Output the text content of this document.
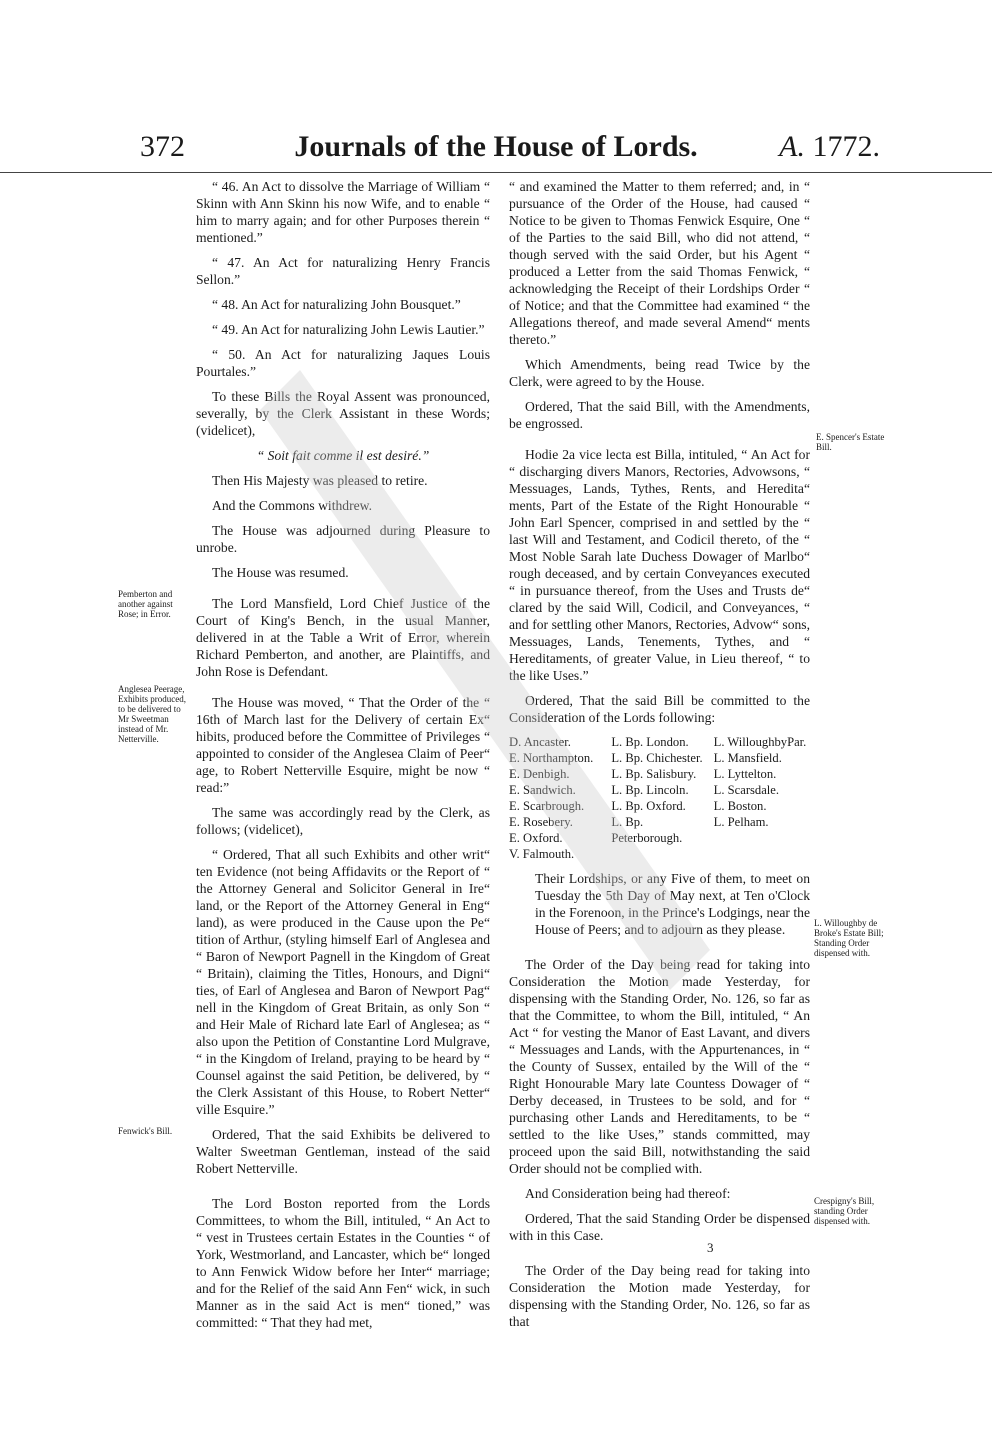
372	Journals of the House of Lords.	A. 1772.

“ 46. An Act to dissolve the Marriage of William “ Skinn with Ann Skinn his now Wife, and to enable “ him to marry again; and for other Purposes therein “ mentioned.”

“ 47. An Act for naturalizing Henry Francis Sellon.”

“ 48. An Act for naturalizing John Bousquet.”

“ 49. An Act for naturalizing John Lewis Lautier.”

“ 50. An Act for naturalizing Jaques Louis Pourtales.”

To these Bills the Royal Assent was pronounced, severally, by the Clerk Assistant in these Words; (videlicet),

“ Soit fait comme il est desiré.”

Then His Majesty was pleased to retire.

And the Commons withdrew.

The House was adjourned during Pleasure to unrobe.

The House was resumed.

The Lord Mansfield, Lord Chief Justice of the Court of King's Bench, in the usual Manner, delivered in at the Table a Writ of Error, wherein Richard Pemberton, and another, are Plaintiffs, and John Rose is Defendant.

The House was moved, “ That the Order of the “ 16th of March last for the Delivery of certain Ex“ hibits, produced before the Committee of Privileges “ appointed to consider of the Anglesea Claim of Peer“ age, to Robert Netterville Esquire, might be now “ read:”

The same was accordingly read by the Clerk, as follows; (videlicet),

“ Ordered, That all such Exhibits and other writ“ ten Evidence (not being Affidavits or the Report of “ the Attorney General and Solicitor General in Ire“ land, or the Report of the Attorney General in Eng“ land), as were produced in the Cause upon the Pe“ tition of Arthur, (styling himself Earl of Anglesea and “ Baron of Newport Pagnell in the Kingdom of Great “ Britain), claiming the Titles, Honours, and Digni“ ties, of Earl of Anglesea and Baron of Newport Pag“ nell in the Kingdom of Great Britain, as only Son “ and Heir Male of Richard late Earl of Anglesea; as “ also upon the Petition of Constantine Lord Mulgrave, “ in the Kingdom of Ireland, praying to be heard by “ Counsel against the said Petition, be delivered, by “ the Clerk Assistant of this House, to Robert Netter“ ville Esquire.”

Ordered, That the said Exhibits be delivered to Walter Sweetman Gentleman, instead of the said Robert Netterville.

The Lord Boston reported from the Lords Committees, to whom the Bill, intituled, “ An Act to “ vest in Trustees certain Estates in the Counties “ of York, Westmorland, and Lancaster, which be“ longed to Ann Fenwick Widow before her Inter“ marriage; and for the Relief of the said Ann Fen“ wick, in such Manner as in the said Act is men“ tioned,” was committed: “ That they had met,

“ and examined the Matter to them referred; and, in “ pursuance of the Order of the House, had caused “ Notice to be given to Thomas Fenwick Esquire, One “ of the Parties to the said Bill, who did not attend, “ though served with the said Order, but his Agent “ produced a Letter from the said Thomas Fenwick, “ acknowledging the Receipt of their Lordships Order “ of Notice; and that the Committee had examined “ the Allegations thereof, and made several Amend“ ments thereto.”

Which Amendments, being read Twice by the Clerk, were agreed to by the House.

Ordered, That the said Bill, with the Amendments, be engrossed.

Hodie 2a vice lecta est Billa, intituled, “ An Act for “ discharging divers Manors, Rectories, Advowsons, “ Messuages, Lands, Tythes, Rents, and Heredita“ ments, Part of the Estate of the Right Honourable “ John Earl Spencer, comprised in and settled by the “ last Will and Testament, and Codicil thereto, of the “ Most Noble Sarah late Duchess Dowager of Marlbo“ rough deceased, and by certain Conveyances executed “ in pursuance thereof, from the Uses and Trusts de“ clared by the said Will, Codicil, and Conveyances, “ and for settling other Manors, Rectories, Advow“ sons, Messuages, Lands, Tenements, Tythes, and “ Hereditaments, of greater Value, in Lieu thereof, “ to the like Uses.”

Ordered, That the said Bill be committed to the Consideration of the Lords following:

D. Ancaster.
E. Northampton.
E. Denbigh.
E. Sandwich.
E. Scarbrough.
E. Rosebery.
E. Oxford.
V. Falmouth.
L. Bp. London.
L. Bp. Chichester.
L. Bp. Salisbury.
L. Bp. Lincoln.
L. Bp. Oxford.
L. Bp. Peterborough.
L. WilloughbyPar.
L. Mansfield.
L. Lyttelton.
L. Scarsdale.
L. Boston.
L. Pelham.

Their Lordships, or any Five of them, to meet on Tuesday the 5th Day of May next, at Ten o'Clock in the Forenoon, in the Prince's Lodgings, near the House of Peers; and to adjourn as they please.

The Order of the Day being read for taking into Consideration the Motion made Yesterday, for dispensing with the Standing Order, No. 126, so far as that the Committee, to whom the Bill, intituled, “ An Act “ for vesting the Manor of East Lavant, and divers “ Messuages and Lands, with the Appurtenances, in “ the County of Sussex, entailed by the Will of the “ Right Honourable Mary late Countess Dowager of “ Derby deceased, in Trustees to be sold, and for “ purchasing other Lands and Hereditaments, to be “ settled to the like Uses,” stands committed, may proceed upon the said Bill, notwithstanding the said Order should not be complied with.

And Consideration being had thereof:

Ordered, That the said Standing Order be dispensed with in this Case.

The Order of the Day being read for taking into Consideration the Motion made Yesterday, for dispensing with the Standing Order, No. 126, so far as that

Pemberton and another against Rose; in Error.
Anglesea Peerage, Exhibits produced, to be delivered to Mr Sweetman instead of Mr. Netterville.
Fenwick's Bill.
E. Spencer's Estate Bill.
L. Willoughby de Broke's Estate Bill; Standing Order dispensed with.
Crespigny's Bill, standing Order dispensed with.
3
